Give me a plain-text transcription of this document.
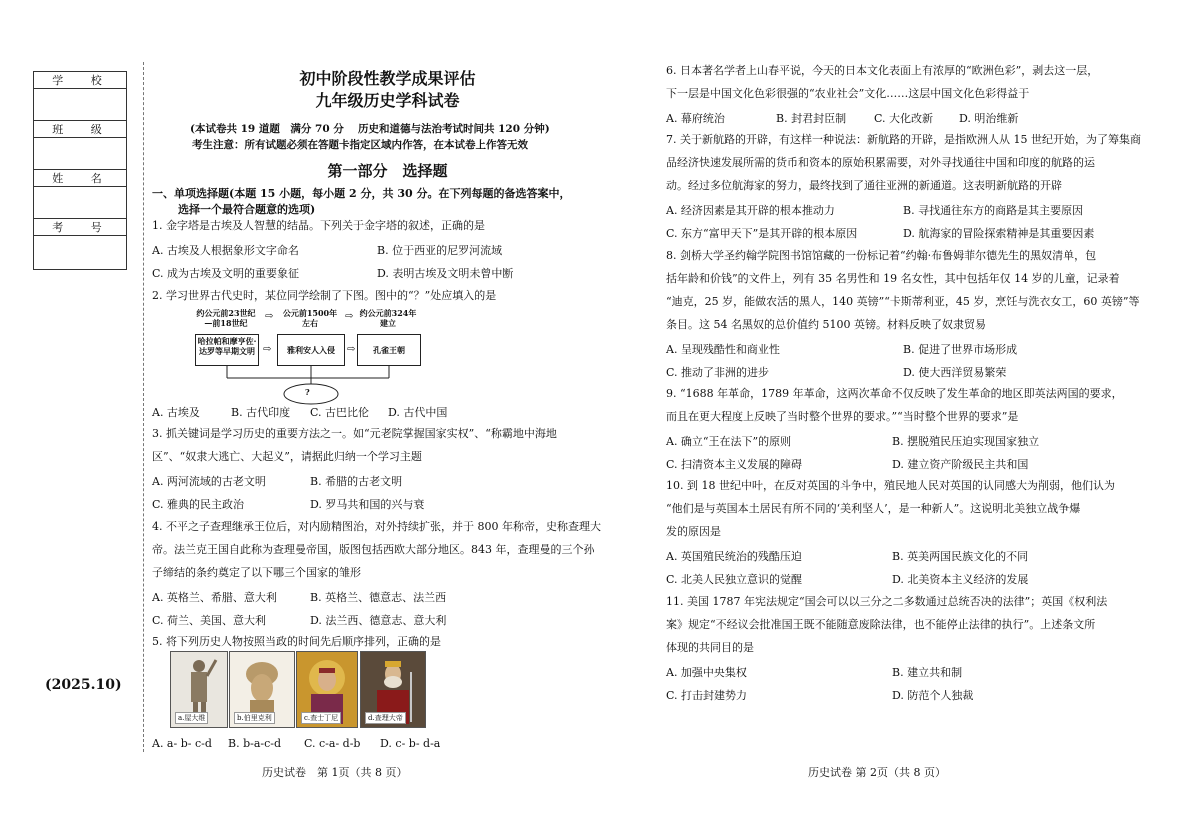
学 校
班 级
姓 名
考 号
(2025.10)
初中阶段性教学成果评估
九年级历史学科试卷
(本试卷共 19 道题　满分 70 分　 历史和道德与法治考试时间共 120 分钟)
考生注意：所有试题必须在答题卡指定区域内作答，在本试卷上作答无效
第一部分　选择题
一、单项选择题(本题 15 小题，每小题 2 分，共 30 分。在下列每题的备选答案中，
选择一个最符合题意的选项)
1. 金字塔是古埃及人智慧的结晶。下列关于金字塔的叙述，正确的是
A. 古埃及人根据象形文字命名	B. 位于西亚的尼罗河流域
C. 成为古埃及文明的重要象征	D. 表明古埃及文明未曾中断
2. 学习世界古代史时，某位同学绘制了下图。图中的“？”处应填入的是
约公元前23世纪—前18世纪
⇨	公元前1500年左右
⇨ 约公元前324年建立
哈拉帕和摩亨佐·达罗等早期文明 ⇨	雅利安人入侵	⇨	孔雀王朝
?
A. 古埃及	B. 古代印度 C. 古巴比伦 D. 古代中国
3. 抓关键词是学习历史的重要方法之一。如“元老院掌握国家实权”、“称霸地中海地
区”、“奴隶大逃亡、大起义”，请据此归纳一个学习主题
A. 两河流域的古老文明	B. 希腊的古老文明
C. 雅典的民主政治	D. 罗马共和国的兴与衰
4. 不平之子查理继承王位后，对内励精图治，对外持续扩张，并于 800 年称帝，史称查理大
帝。法兰克王国自此称为查理曼帝国，版图包括西欧大部分地区。843 年，查理曼的三个孙
子缔结的条约奠定了以下哪三个国家的雏形
A. 英格兰、希腊、意大利	B. 英格兰、德意志、法兰西
C. 荷兰、美国、意大利	D. 法兰西、德意志、意大利
5. 将下列历史人物按照当政的时间先后顺序排列，正确的是
a.屋大维	b.伯里克利	c.查士丁尼	d.查理大帝
A. a- b- c-d B. b-a-c-d C. c-a- d-b D. c- b- d-a
历史试卷　第 1页（共 8 页）
6. 日本著名学者上山春平说，今天的日本文化表面上有浓厚的“欧洲色彩”，剥去这一层，
下一层是中国文化色彩很强的“农业社会”文化……这层中国文化色彩得益于
A. 幕府统治	B. 封君封臣制	C. 大化改新 D. 明治维新
7. 关于新航路的开辟，有这样一种说法：新航路的开辟，是指欧洲人从 15 世纪开始，为了筹集商
品经济快速发展所需的货币和资本的原始积累需要，对外寻找通往中国和印度的航路的运
动。经过多位航海家的努力，最终找到了通往亚洲的新通道。这表明新航路的开辟
A. 经济因素是其开辟的根本推动力	B. 寻找通往东方的商路是其主要原因
C. 东方“富甲天下”是其开辟的根本原因	D. 航海家的冒险探索精神是其重要因素
8. 剑桥大学圣约翰学院图书馆馆藏的一份标记着“约翰·布鲁姆菲尔德先生的黑奴清单，包
括年龄和价钱”的文件上，列有 35 名男性和 19 名女性，其中包括年仅 14 岁的儿童，记录着
“迪克，25 岁，能做农活的黑人，140 英镑”“卡斯蒂利亚，45 岁，烹饪与洗衣女工，60 英镑”等
条目。这 54 名黑奴的总价值约 5100 英镑。材料反映了奴隶贸易
A. 呈现残酷性和商业性	B. 促进了世界市场形成
C. 推动了非洲的进步	D. 使大西洋贸易繁荣
9. “1688 年革命，1789 年革命，这两次革命不仅反映了发生革命的地区即英法两国的要求，
而且在更大程度上反映了当时整个世界的要求。”“当时整个世界的要求”是
A. 确立“王在法下”的原则	B. 摆脱殖民压迫实现国家独立
C. 扫清资本主义发展的障碍	D. 建立资产阶级民主共和国
10. 到 18 世纪中叶，在反对英国的斗争中，殖民地人民对英国的认同感大为削弱，他们认为
“他们是与英国本土居民有所不同的‘美利坚人’，是一种新人”。这说明北美独立战争爆
发的原因是
A. 英国殖民统治的残酷压迫	B. 英美两国民族文化的不同
C. 北美人民独立意识的觉醒	D. 北美资本主义经济的发展
11. 美国 1787 年宪法规定“国会可以以三分之二多数通过总统否决的法律”；英国《权利法
案》规定“不经议会批准国王既不能随意废除法律，也不能停止法律的执行”。上述条文所
体现的共同目的是
A. 加强中央集权	B. 建立共和制
C. 打击封建势力	D. 防范个人独裁
历史试卷 第 2页（共 8 页）
